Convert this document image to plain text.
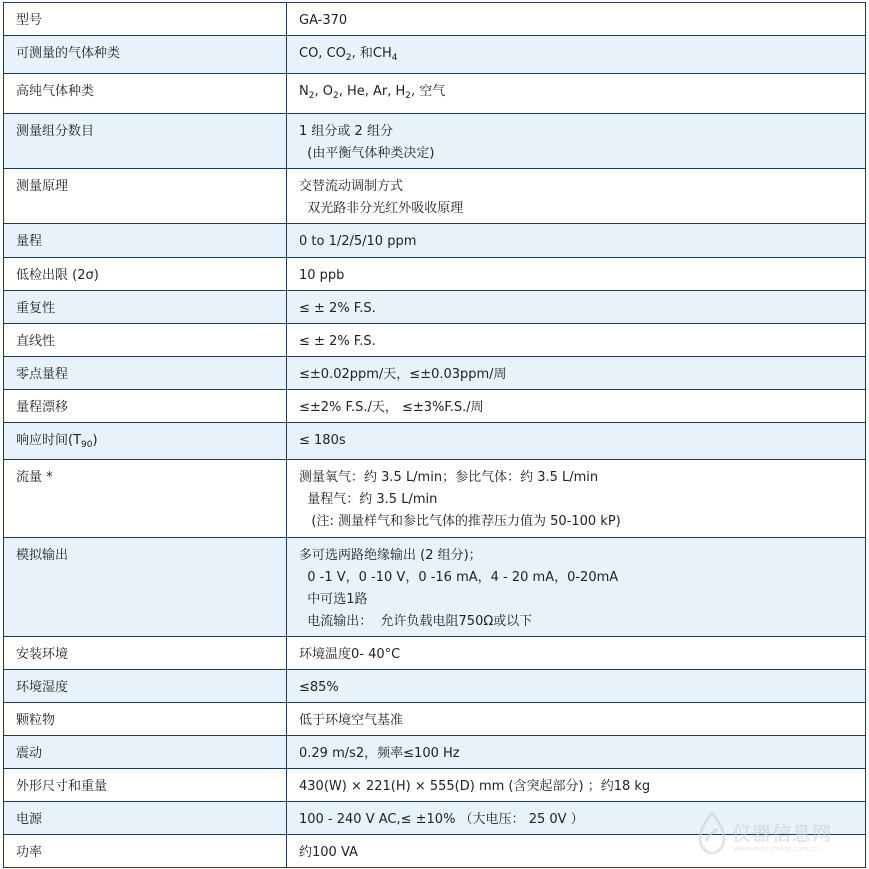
型号	GA-370
可测量的气体种类	CO, $CO_2$, 和$CH_4$
高纯气体种类	$N_2$, $O_2$, He, Ar, $H_2$, 空气
测量组分数目	1 组分或 2 组分
(由平衡气体种类决定)

测量原理	交替流动调制方式
双光路非分光红外吸收原理

量程	0 to 1/2/5/10 ppm
低检出限 (2σ)	10 ppb
重复性	≤ ± 2% F.S.
直线性	≤ ± 2% F.S.
零点量程	≤±0.02ppm/天，≤±0.03ppm/周
量程漂移	≤±2% F.S./天， ≤±3%F.S./周
响应时间$(T_{90})$	≤ 180s
流量 *	测量氧气：约 3.5 L/min；参比气体：约 3.5 L/min
量程气：约 3.5 L/min
(注: 测量样气和参比气体的推荐压力值为 50-100 kP)

模拟输出	多可选两路绝缘输出 (2 组分)；
0 -1 V，0 -10 V，0 -16 mA，4 - 20 mA，0-20mA
中可选1路
电流输出：  允许负载电阻750Ω或以下

安装环境	环境温度0- 40°C
环境湿度	≤85%
颗粒物	低于环境空气基准
震动	0.29 m/s2，频率≤100 Hz
外形尺寸和重量	430(W) × 221(H) × 555(D) mm (含突起部分) ；约18 kg
电源	100 - 240 V AC,≤ ±10% （大电压： 25 0V ）
功率	约100 VA
仪器信息网
www.instrument.com.cn
